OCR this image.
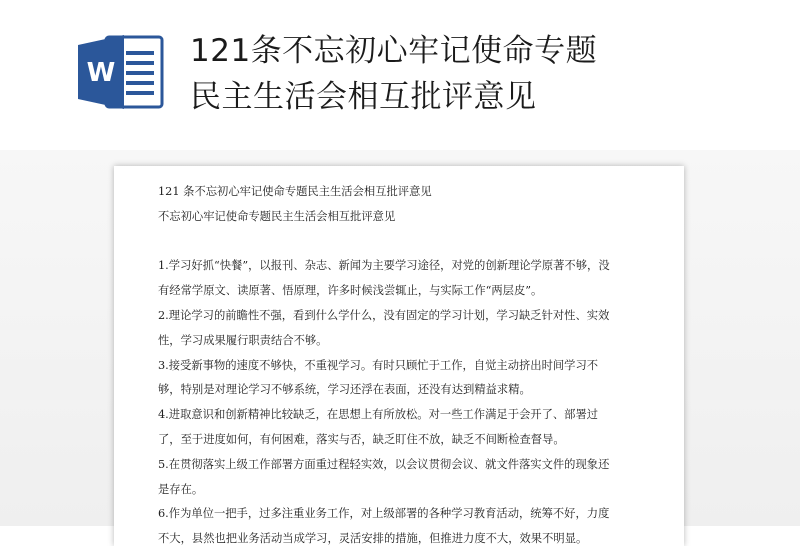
W
121条不忘初心牢记使命专题
民主生活会相互批评意见
121 条不忘初心牢记使命专题民主生活会相互批评意见
不忘初心牢记使命专题民主生活会相互批评意见
1.学习好抓“快餐”，以报刊、杂志、新闻为主要学习途径，对党的创新理论学原著不够，没
有经常学原文、读原著、悟原理，许多时候浅尝辄止，与实际工作“两层皮”。
2.理论学习的前瞻性不强，看到什么学什么，没有固定的学习计划，学习缺乏针对性、实效
性，学习成果履行职责结合不够。
3.接受新事物的速度不够快，不重视学习。有时只顾忙于工作，自觉主动挤出时间学习不
够，特别是对理论学习不够系统，学习还浮在表面，还没有达到精益求精。
4.进取意识和创新精神比较缺乏，在思想上有所放松。对一些工作满足于会开了、部署过
了，至于进度如何，有何困难，落实与否，缺乏盯住不放，缺乏不间断检查督导。
5.在贯彻落实上级工作部署方面重过程轻实效，以会议贯彻会议、就文件落实文件的现象还
是存在。
6.作为单位一把手，过多注重业务工作，对上级部署的各种学习教育活动，统筹不好，力度
不大，县然也把业务活动当成学习，灵活安排的措施，但推进力度不大，效果不明显。
